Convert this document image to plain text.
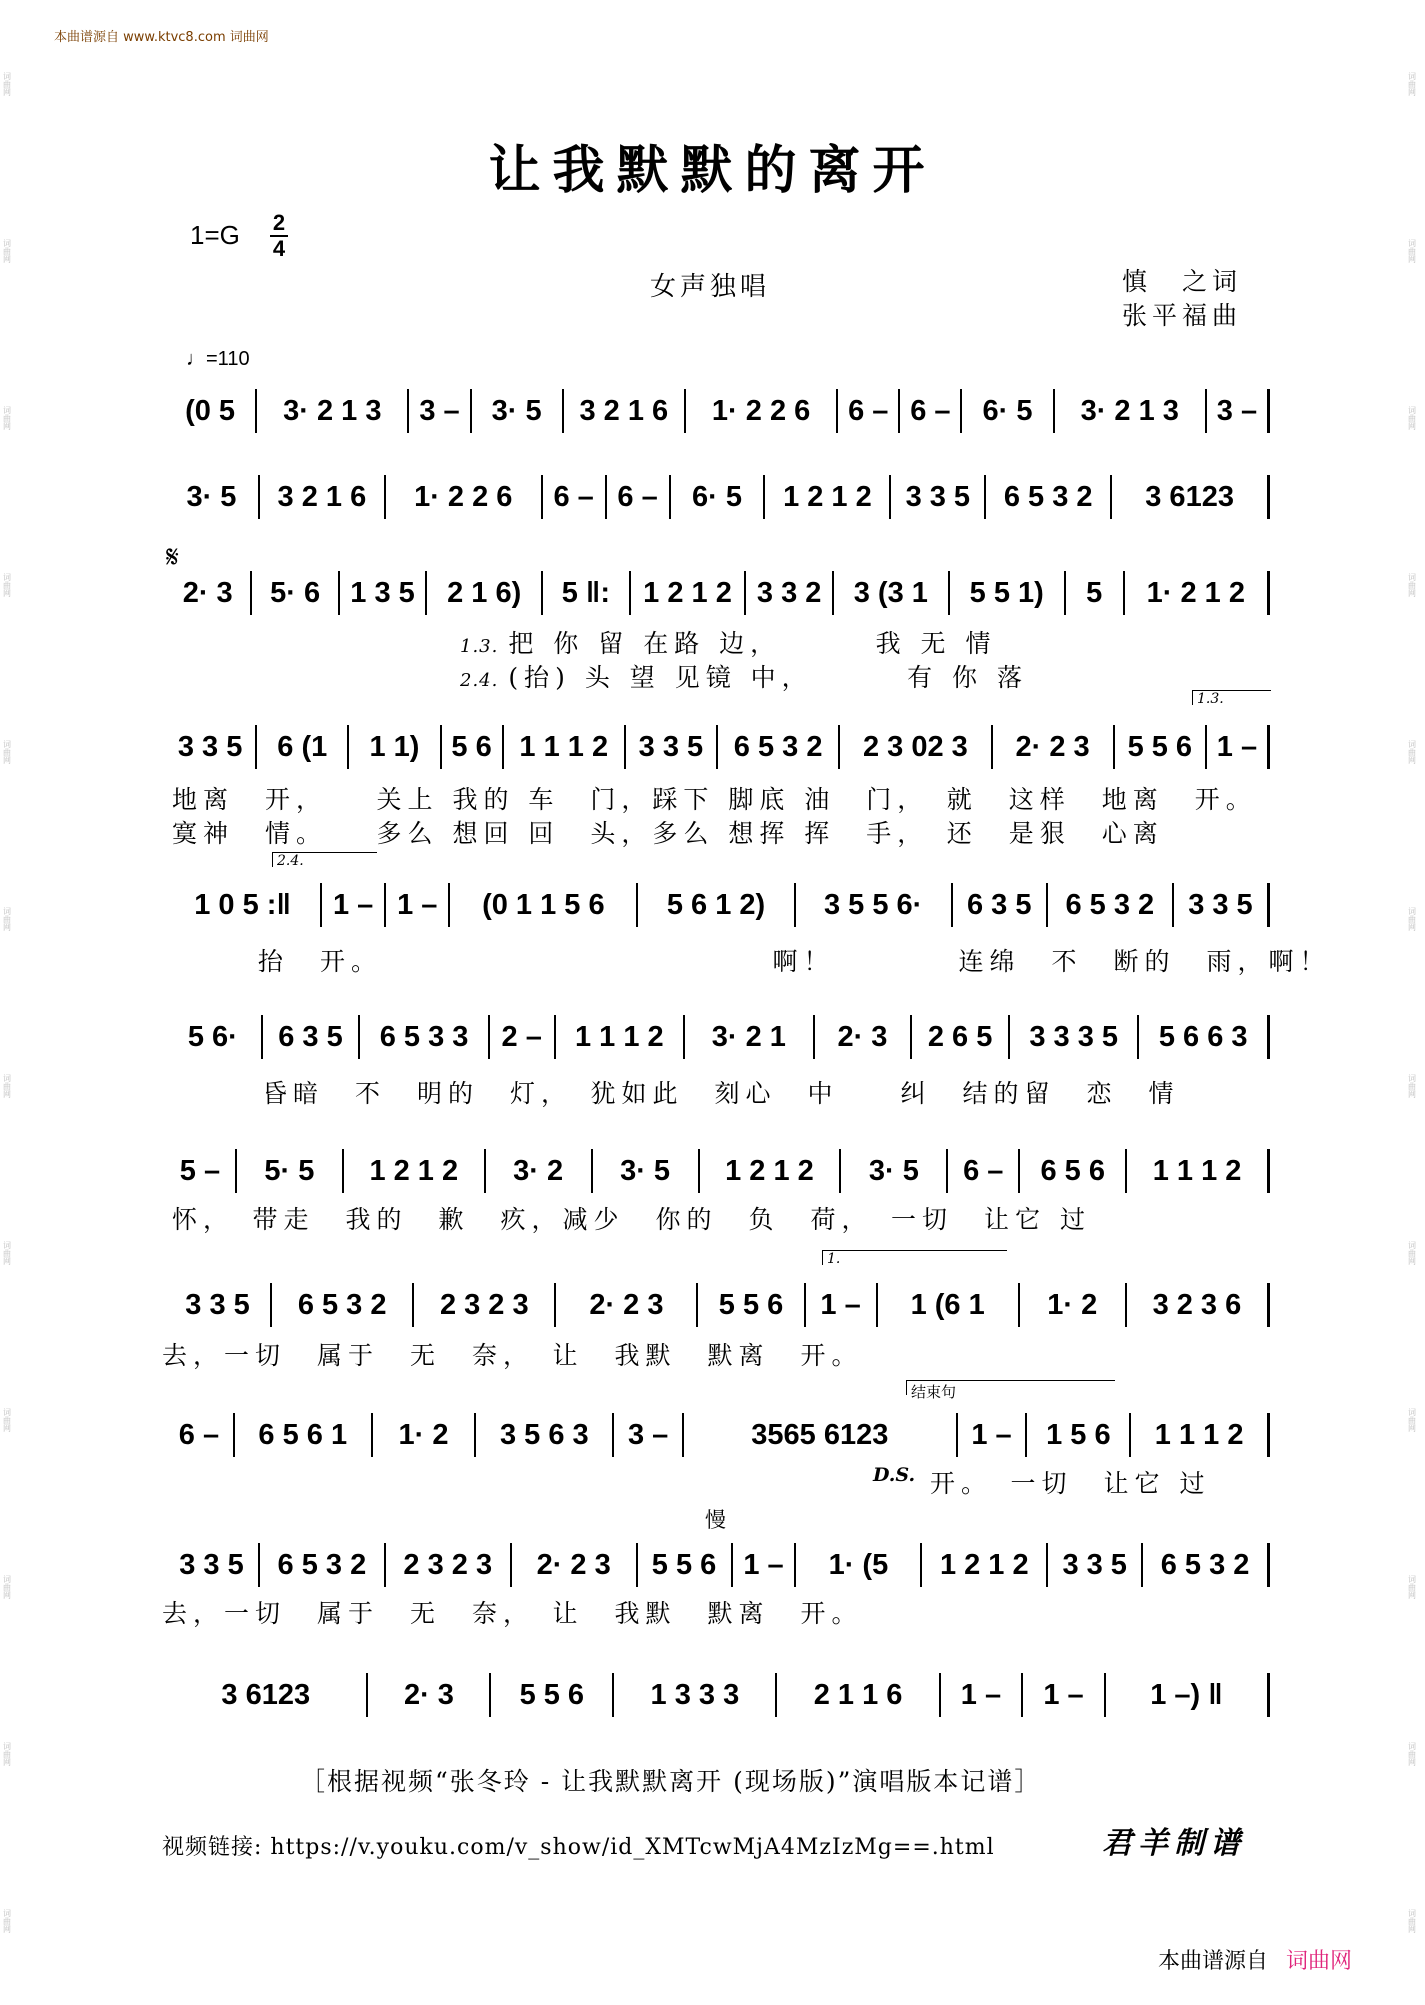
词曲网
词曲网
词曲网
词曲网
词曲网
词曲网
词曲网
词曲网
词曲网
词曲网
词曲网
词曲网
词曲网
词曲网
词曲网
词曲网
词曲网
词曲网
词曲网
词曲网
词曲网
词曲网
词曲网
词曲网
本曲谱源自 www.ktvc8.com 词曲网
让我默默的离开
1=G 2
4
女声独唱	慎　之词
张平福曲
♩=110
(0 5	3· 2 1 3	3 –	3· 5	3 2 1 6	1· 2 2 6	6 – 6 –	6· 5	3· 2 1 3	3 –
3· 5	3 2 1 6	1· 2 2 6	6 – 6 –	6· 5	1 2 1 2	3 3 5	6 5 3 2	3 6123
2· 3	5· 6	1 3 5	2 1 6)	5 ‖:	1 2 1 2 3 3 2	3 (3 1	5 5 1)	5	1· 2 1 2
3 3 5	6 (1	1 1)	5 6 1 1 1 2	3 3 5	6 5 3 2	2 3 02 3	2· 2 3	5 5 6 1 –
1 0 5 :‖	1 – 1 –	(0 1 1 5 6	5 6 1 2)	3 5 5 6·	6 3 5	6 5 3 2	3 3 5
5 6·	6 3 5	6 5 3 3	2 –	1 1 1 2	3· 2 1	2· 3	2 6 5	3 3 3 5	5 6 6 3
5 –	5· 5	1 2 1 2	3· 2	3· 5	1 2 1 2	3· 5	6 –	6 5 6	1 1 1 2
3 3 5	6 5 3 2	2 3 2 3	2· 2 3	5 5 6	1 –	1 (6 1	1· 2	3 2 3 6
6 –	6 5 6 1	1· 2	3 5 6 3	3 –	3565 6123	1 –	1 5 6	1 1 1 2
3 3 5	6 5 3 2	2 3 2 3	2· 2 3	5 5 6 1 –	1· (5	1 2 1 2	3 3 5	6 5 3 2
3 6123	2· 3	5 5 6	1 3 3 3	2 1 1 6	1 –	1 –	1 –) ‖
𝄋
1.3.
2.4.
1.
结束句
D.S.
慢
1.3. 把 你 留 在路 边，　　　 我 无 情
2.4. (抬) 头 望 见镜 中，　　　 有 你 落
地离　开，　　关上 我的 车　门，踩下 脚底 油　门，　就　这样　地离　开。
寞神　情。　　多么 想回 回　头，多么 想挥 挥　手，　还　是狠　心离
抬　开。　　　　　　　　　　　　　啊！　　　　连绵　不　断的　雨，啊！
昏暗　不　明的　灯，　犹如此　刻心　中　　纠　结的留　恋　情
怀，　带走　我的　歉　疚，减少　你的　负　荷，　一切　让它 过
去，一切　属于　无　奈，　让　我默　默离　开。
开。　一切　让它 过
去，一切　属于　无　奈，　让　我默　默离　开。
［根据视频“张冬玲 - 让我默默离开 (现场版)”演唱版本记谱］
视频链接: https://v.youku.com/v_show/id_XMTcwMjA4MzIzMg==.html	君羊制谱
本曲谱源自 词曲网
